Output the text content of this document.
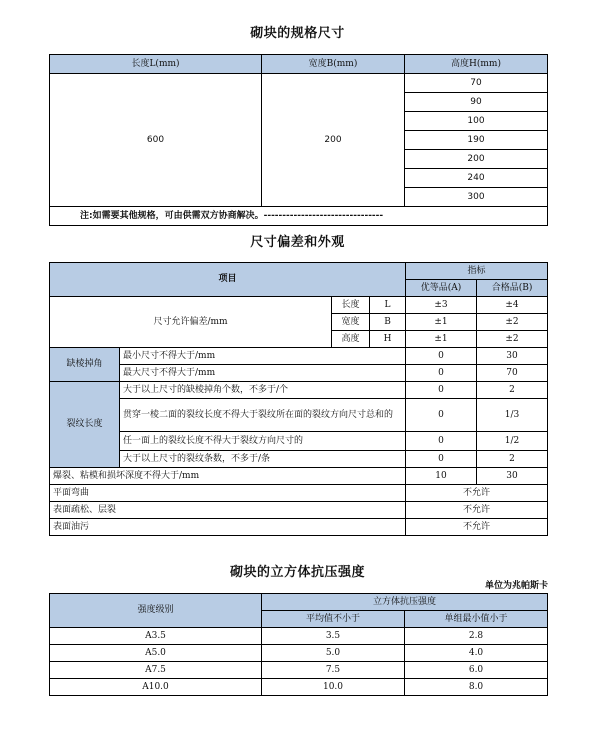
砌块的规格尺寸
长度L(mm)	宽度B(mm)	高度H(mm)
600	200	70
		90
		100
		190
		200
		240
		300
注:如需要其他规格，可由供需双方协商解决。--------------------------------		
尺寸偏差和外观
项目				指标	
				优等品(A)	合格品(B)
尺寸允许偏差/mm		长度	L	±3	±4
		宽度	B	±1	±2
		高度	H	±1	±2
缺棱掉角	最小尺寸不得大于/mm			0	30
	最大尺寸不得大于/mm			0	70
裂纹长度	大于以上尺寸的缺棱掉角个数，不多于/个			0	2
	贯穿一棱二面的裂纹长度不得大于裂纹所在面的裂纹方向尺寸总和的			0	1/3
	任一面上的裂纹长度不得大于裂纹方向尺寸的			0	1/2
	大于以上尺寸的裂纹条数，不多于/条			0	2

爆裂、粘模和损坏深度不得大于/mm				10	30
平面弯曲				不允许	
表面疏松、层裂				不允许	
表面油污				不允许	
砌块的立方体抗压强度
单位为兆帕斯卡
强度级别	立方体抗压强度	
	平均值不小于	单组最小值小于
A3.5	3.5	2.8
A5.0	5.0	4.0
A7.5	7.5	6.0
A10.0	10.0	8.0
